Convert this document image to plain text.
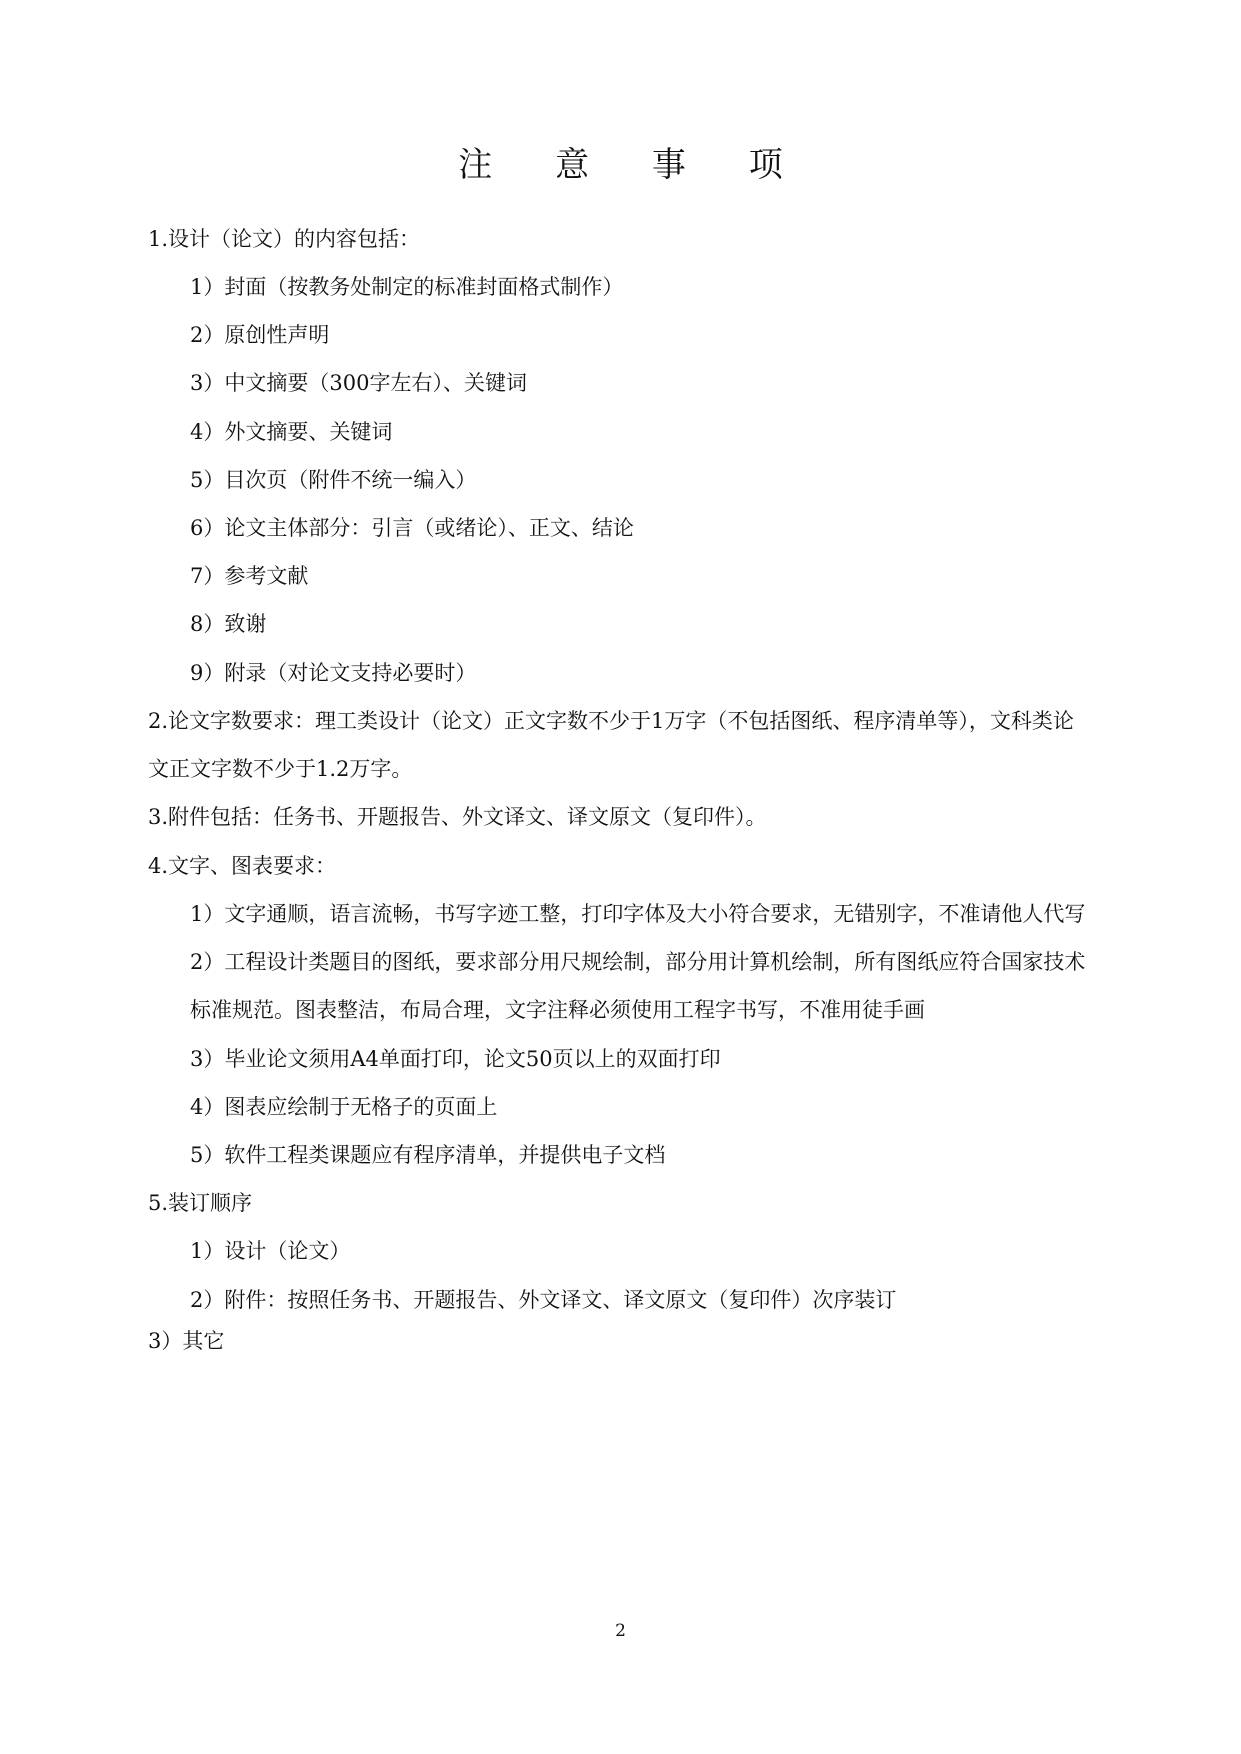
注 意 事 项

1.设计（论文）的内容包括：

1）封面（按教务处制定的标准封面格式制作）

2）原创性声明

3）中文摘要（300字左右）、关键词

4）外文摘要、关键词

5）目次页（附件不统一编入）

6）论文主体部分：引言（或绪论）、正文、结论

7）参考文献

8）致谢

9）附录（对论文支持必要时）

2.论文字数要求：理工类设计（论文）正文字数不少于1万字（不包括图纸、程序清单等），文科类论

文正文字数不少于1.2万字。

3.附件包括：任务书、开题报告、外文译文、译文原文（复印件）。

4.文字、图表要求：

1）文字通顺，语言流畅，书写字迹工整，打印字体及大小符合要求，无错别字，不准请他人代写

2）工程设计类题目的图纸，要求部分用尺规绘制，部分用计算机绘制，所有图纸应符合国家技术

标准规范。图表整洁，布局合理，文字注释必须使用工程字书写，不准用徒手画

3）毕业论文须用A4单面打印，论文50页以上的双面打印

4）图表应绘制于无格子的页面上

5）软件工程类课题应有程序清单，并提供电子文档

5.装订顺序

1）设计（论文）

2）附件：按照任务书、开题报告、外文译文、译文原文（复印件）次序装订

3）其它

2
